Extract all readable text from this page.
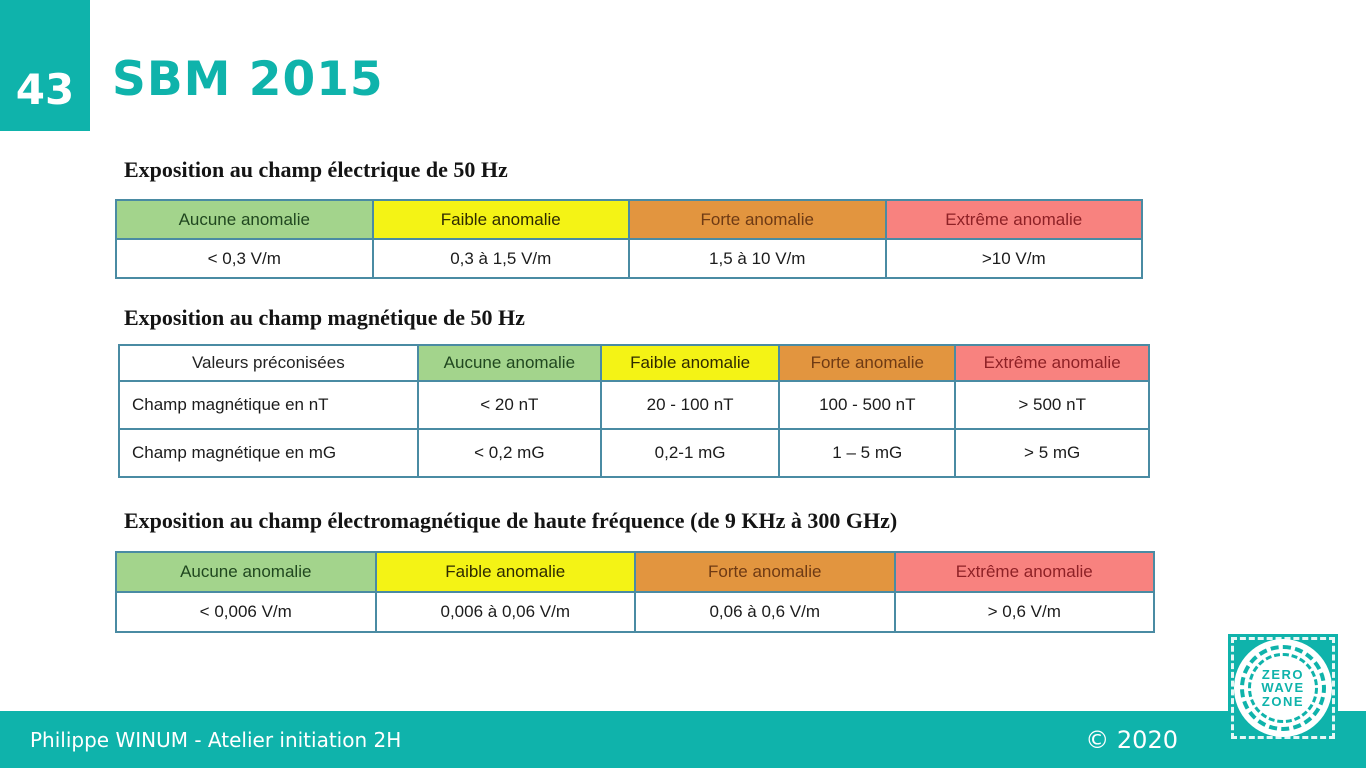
43 SBM 2015
Exposition au champ électrique de 50 Hz
Aucune anomalie	Faible anomalie	Forte anomalie	Extrême anomalie
< 0,3 V/m	0,3 à 1,5 V/m	1,5 à 10 V/m	>10 V/m
Exposition au champ magnétique de 50 Hz
Valeurs préconisées	Aucune anomalie	Faible anomalie	Forte anomalie	Extrême anomalie
Champ magnétique en nT	< 20 nT	20 - 100 nT	100 - 500 nT	> 500 nT
Champ magnétique en mG	< 0,2 mG	0,2-1 mG	1 – 5 mG	> 5 mG
Exposition au champ électromagnétique de haute fréquence (de 9 KHz à 300 GHz)
Aucune anomalie	Faible anomalie	Forte anomalie	Extrême anomalie
< 0,006 V/m	0,006 à 0,06 V/m	0,06 à 0,6 V/m	> 0,6 V/m
ZERO
WAVE
ZONE
Philippe WINUM - Atelier initiation 2H	© 2020
